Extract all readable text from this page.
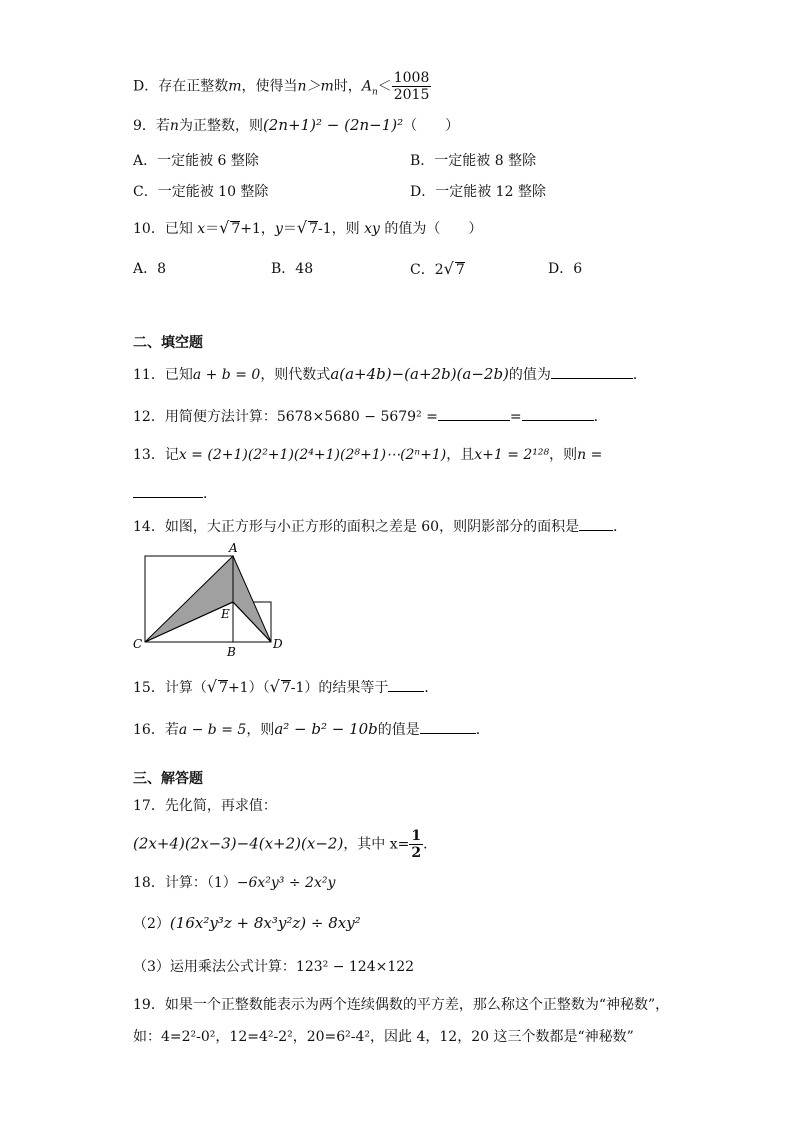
D．存在正整数m，使得当n＞m时，$A_n< \frac{1008}{2015}$
9．若n为正整数，则(2n+1)² − (2n−1)²（　　）
A．一定能被 6 整除	B．一定能被 8 整除
C．一定能被 10 整除	D．一定能被 12 整除
10．已知 x＝√ 7+1，y＝√ 7-1，则 xy 的值为（　　）
A．8	B．48	C．2√ 7	D．6
二、填空题
11．已知a + b = 0，则代数式a(a+4b)−(a+2b)(a−2b)的值为	．
12．用简便方法计算：5678×5680 − 5679² =	=	．
13．记x = (2+1)(2²+1)(2⁴+1)(2⁸+1)⋯(2ⁿ+1)，且x+1 = 2¹²⁸，则n =
．
14．如图，大正方形与小正方形的面积之差是 60，则阴影部分的面积是 ．
A
B
C	D
E
15．计算（√ 7+1）（√ 7-1）的结果等于	．
16．若a − b = 5，则a² − b² − 10b的值是	．
三、解答题
17．先化简，再求值：
(2x+4)(2x−3)−4(x+2)(x−2)，其中 $x= \frac{1}{2}$ ．
18．计算：（1）−6x²y³ ÷ 2x²y
（2）(16x²y³z + 8x³y²z) ÷ 8xy²
（3）运用乘法公式计算：123² − 124×122
19．如果一个正整数能表示为两个连续偶数的平方差，那么称这个正整数为“神秘数”，
如：4=2²-0²，12=4²-2²，20=6²-4²，因此 4，12，20 这三个数都是“神秘数”
